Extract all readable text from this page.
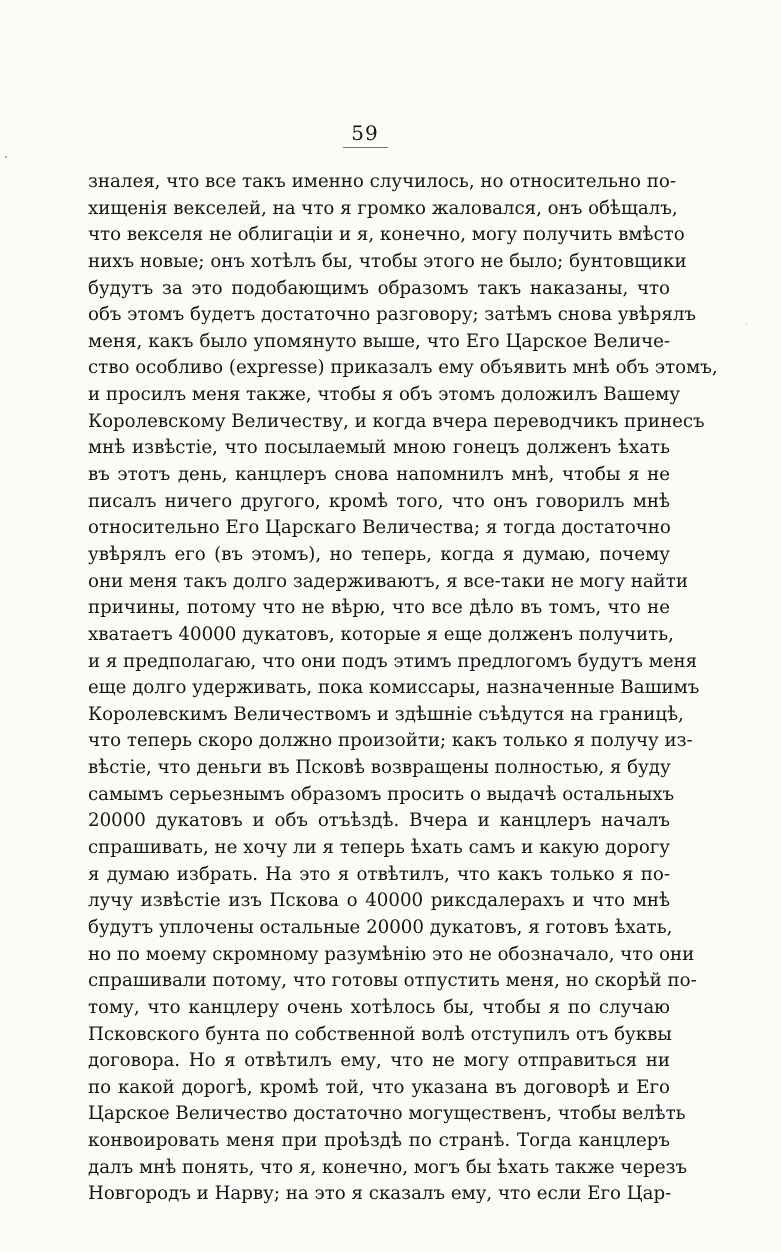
59
зналея, что все такъ именно случилось, но относительно по-
хищенія векселей, на что я громко жаловался, онъ обѣщалъ,
что векселя не облигаціи и я, конечно, могу получить вмѣсто
нихъ новые; онъ хотѣлъ бы, чтобы этого не было; бунтовщики
будутъ за это подобающимъ образомъ такъ наказаны, что
объ этомъ будетъ достаточно разговору; затѣмъ снова увѣрялъ
меня, какъ было упомянуто выше, что Его Царское Величе-
ство особливо (expresse) приказалъ ему объявить мнѣ объ этомъ,
и просилъ меня также, чтобы я объ этомъ доложилъ Вашему
Королевскому Величеству, и когда вчера переводчикъ принесъ
мнѣ извѣстіе, что посылаемый мною гонецъ долженъ ѣхать
въ этотъ день, канцлеръ снова напомнилъ мнѣ, чтобы я не
писалъ ничего другого, кромѣ того, что онъ говорилъ мнѣ
относительно Его Царскаго Величества; я тогда достаточно
увѣрялъ его (въ этомъ), но теперь, когда я думаю, почему
они меня такъ долго задерживаютъ, я все-таки не могу найти
причины, потому что не вѣрю, что все дѣло въ томъ, что не
хватаетъ 40000 дукатовъ, которые я еще долженъ получить,
и я предполагаю, что они подъ этимъ предлогомъ будутъ меня
еще долго удерживать, пока комиссары, назначенные Вашимъ
Королевскимъ Величествомъ и здѣшніе съѣдутся на границѣ,
что теперь скоро должно произойти; какъ только я получу из-
вѣстіе, что деньги въ Псковѣ возвращены полностью, я буду
самымъ серьезнымъ образомъ просить о выдачѣ остальныхъ
20000 дукатовъ и объ отъѣздѣ. Вчера и канцлеръ началъ
спрашивать, не хочу ли я теперь ѣхать самъ и какую дорогу
я думаю избрать. На это я отвѣтилъ, что какъ только я по-
лучу извѣстіе изъ Пскова о 40000 риксдалерахъ и что мнѣ
будутъ уплочены остальные 20000 дукатовъ, я готовъ ѣхать,
но по моему скромному разумѣнію это не обозначало, что они
спрашивали потому, что готовы отпустить меня, но скорѣй по-
тому, что канцлеру очень хотѣлось бы, чтобы я по случаю
Псковского бунта по собственной волѣ отступилъ отъ буквы
договора. Но я отвѣтилъ ему, что не могу отправиться ни
по какой дорогѣ, кромѣ той, что указана въ договорѣ и Его
Царское Величество достаточно могущественъ, чтобы велѣть
конвоировать меня при проѣздѣ по странѣ. Тогда канцлеръ
далъ мнѣ понять, что я, конечно, могъ бы ѣхать также черезъ
Новгородъ и Нарву; на это я сказалъ ему, что если Его Цар-
